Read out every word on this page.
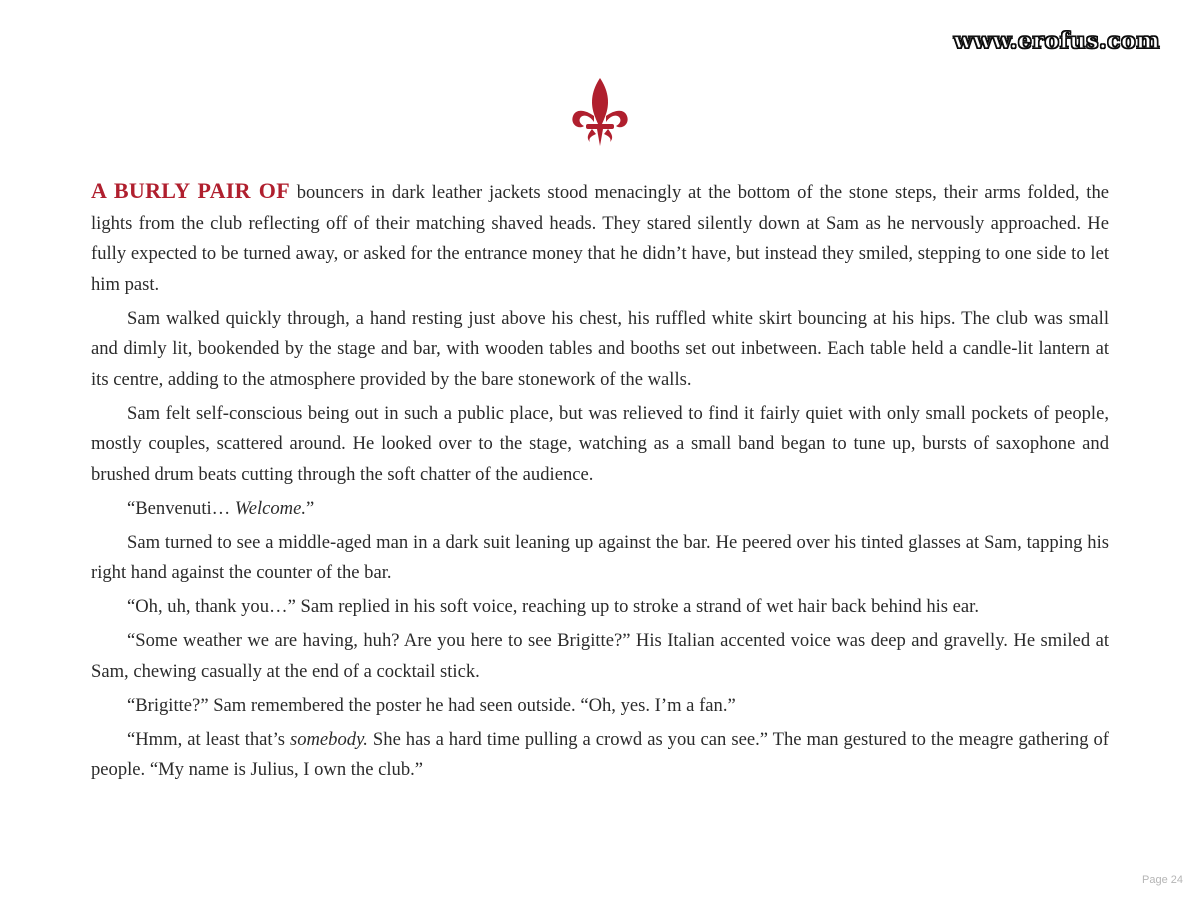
www.erofus.com

A BURLY PAIR OF bouncers in dark leather jackets stood menacingly at the bottom of the stone steps, their arms folded, the lights from the club reflecting off of their matching shaved heads. They stared silently down at Sam as he nervously approached. He fully expected to be turned away, or asked for the entrance money that he didn’t have, but instead they smiled, stepping to one side to let him past.

Sam walked quickly through, a hand resting just above his chest, his ruffled white skirt bouncing at his hips. The club was small and dimly lit, bookended by the stage and bar, with wooden tables and booths set out inbetween. Each table held a candle-lit lantern at its centre, adding to the atmosphere provided by the bare stonework of the walls.

Sam felt self-conscious being out in such a public place, but was relieved to find it fairly quiet with only small pockets of people, mostly couples, scattered around. He looked over to the stage, watching as a small band began to tune up, bursts of saxophone and brushed drum beats cutting through the soft chatter of the audience.

“Benvenuti… Welcome.”

Sam turned to see a middle-aged man in a dark suit leaning up against the bar. He peered over his tinted glasses at Sam, tapping his right hand against the counter of the bar.

“Oh, uh, thank you…” Sam replied in his soft voice, reaching up to stroke a strand of wet hair back behind his ear.

“Some weather we are having, huh? Are you here to see Brigitte?” His Italian accented voice was deep and gravelly. He smiled at Sam, chewing casually at the end of a cocktail stick.

“Brigitte?” Sam remembered the poster he had seen outside. “Oh, yes. I’m a fan.”

“Hmm, at least that’s somebody. She has a hard time pulling a crowd as you can see.” The man gestured to the meagre gathering of people. “My name is Julius, I own the club.”

Page 24
